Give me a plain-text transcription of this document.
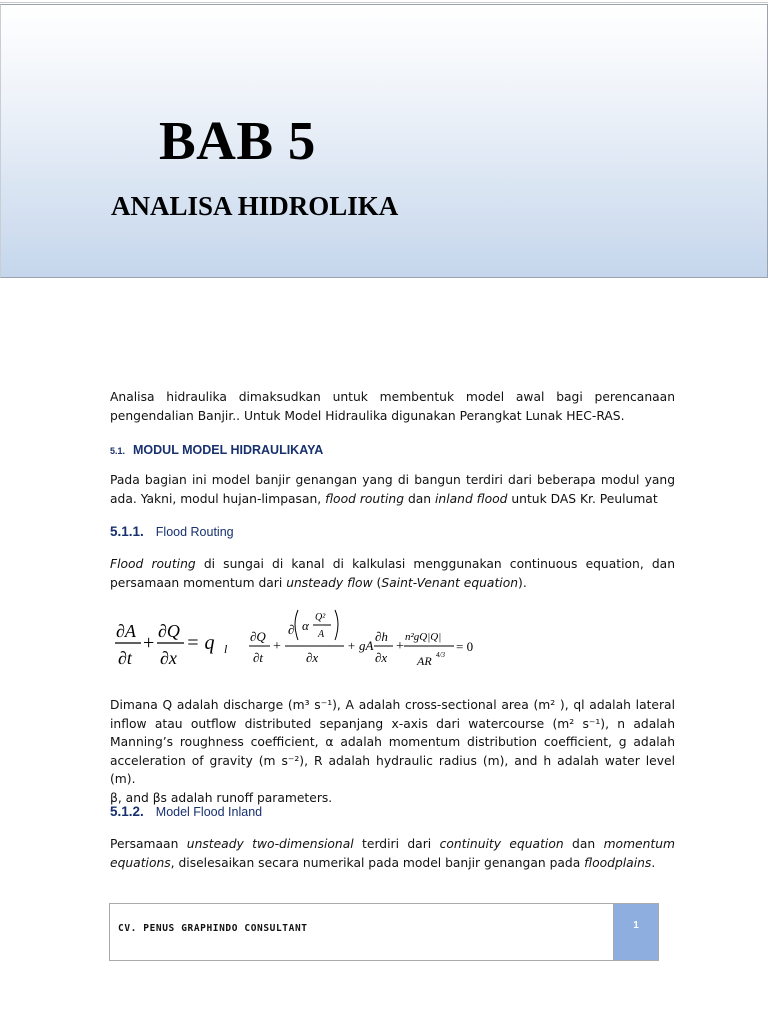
BAB 5
ANALISA HIDROLIKA
Analisa hidraulika dimaksudkan untuk membentuk model awal bagi perencanaan
pengendalian Banjir.. Untuk Model Hidraulika digunakan Perangkat Lunak HEC-RAS.
5.1. MODUL MODEL HIDRAULIKAYA
Pada bagian ini model banjir genangan yang di bangun terdiri dari beberapa modul yang ada. Yakni, modul hujan-limpasan, flood routing dan inland flood untuk DAS Kr. Peulumat
5.1.1. Flood Routing
Flood routing di sungai di kanal di kalkulasi menggunakan continuous equation, dan persamaan momentum dari unsteady flow (Saint-Venant equation).
∂A
∂t
+
∂Q
∂x
= q l
∂Q
∂t
+
∂ α
Q²
A
∂x
+ gA
∂h
∂x
+
n²gQ|Q|
AR 4/3
= 0
Dimana Q adalah discharge (m³ s⁻¹), A adalah cross-sectional area (m² ), ql adalah lateral
inflow atau outflow distributed sepanjang x-axis dari watercourse (m² s⁻¹), n adalah
Manning’s roughness coefficient, α adalah momentum distribution coefficient, g adalah
acceleration of gravity (m s⁻²), R adalah hydraulic radius (m), and h adalah water level (m).
β, and βs adalah runoff parameters.
5.1.2. Model Flood Inland
Persamaan unsteady two-dimensional terdiri dari continuity equation dan momentum equations, diselesaikan secara numerikal pada model banjir genangan pada floodplains.
CV. PENUS GRAPHINDO CONSULTANT	1
